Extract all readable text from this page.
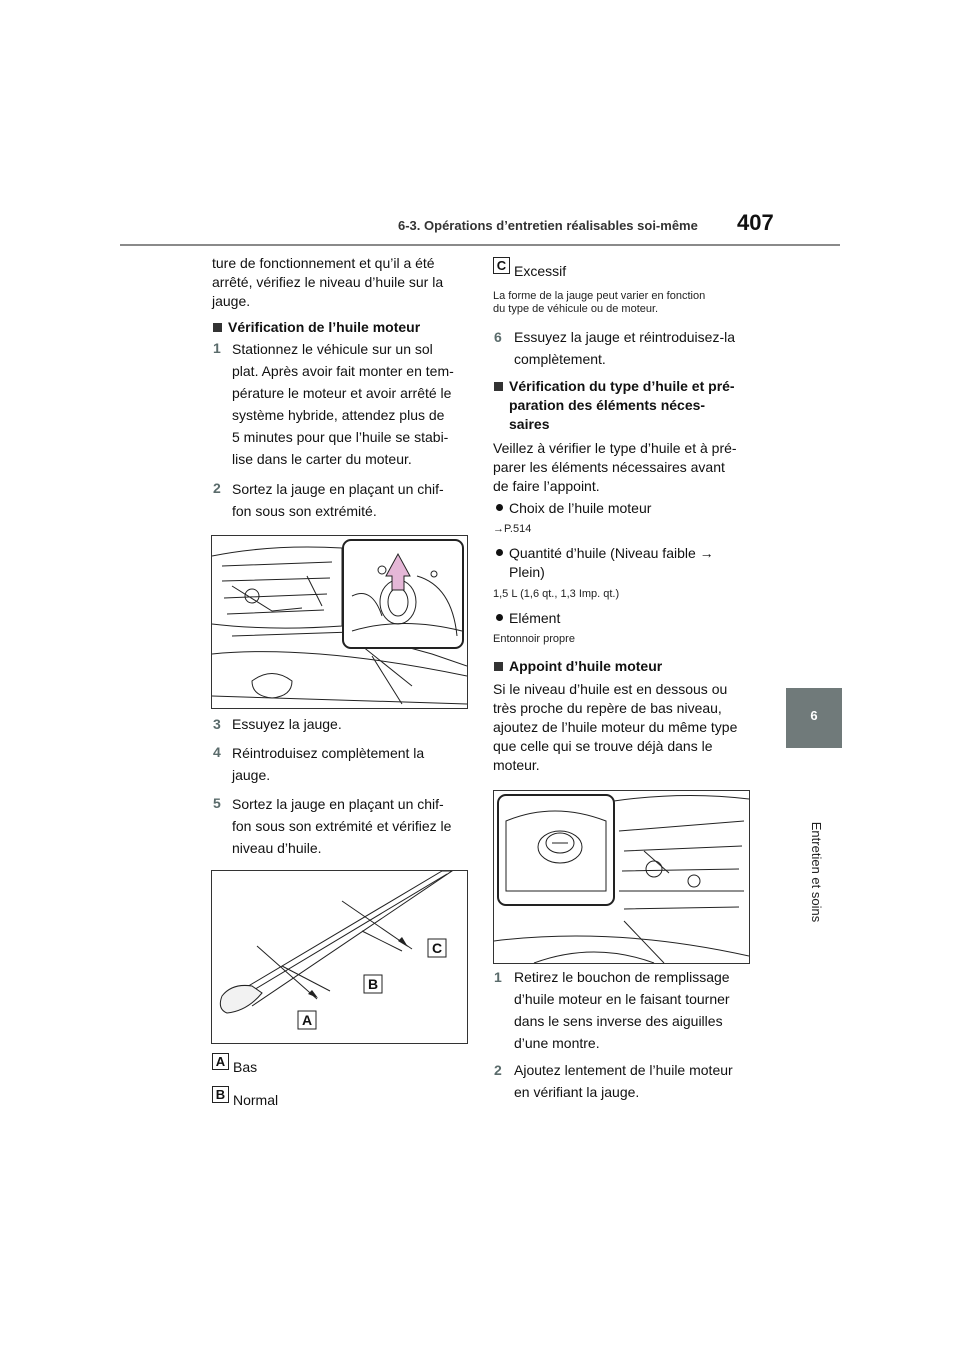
6-3. Opérations d’entretien réalisables soi-même 407
6
Entretien et soins
ture de fonctionnement et qu’il a été
arrêté, vérifiez le niveau d’huile sur la
jauge.
Vérification de l’huile moteur
1 Stationnez le véhicule sur un sol
plat. Après avoir fait monter en tem-
pérature le moteur et avoir arrêté le
système hybride, attendez plus de
5 minutes pour que l’huile se stabi-
lise dans le carter du moteur.
2 Sortez la jauge en plaçant un chif-
fon sous son extrémité.
3 Essuyez la jauge.
4 Réintroduisez complètement la
jauge.
5 Sortez la jauge en plaçant un chif-
fon sous son extrémité et vérifiez le
niveau d’huile.
C
B
A
A Bas
B Normal
C Excessif
La forme de la jauge peut varier en fonction
du type de véhicule ou de moteur.
6 Essuyez la jauge et réintroduisez-la
complètement.
Vérification du type d’huile et pré-
paration des éléments néces-
saires
Veillez à vérifier le type d’huile et à pré-
parer les éléments nécessaires avant
de faire l’appoint.
Choix de l’huile moteur
→P.514
Quantité d’huile (Niveau faible →
Plein)
1,5 L (1,6 qt., 1,3 Imp. qt.)
Elément
Entonnoir propre
Appoint d’huile moteur
Si le niveau d’huile est en dessous ou
très proche du repère de bas niveau,
ajoutez de l’huile moteur du même type
que celle qui se trouve déjà dans le
moteur.
1 Retirez le bouchon de remplissage
d’huile moteur en le faisant tourner
dans le sens inverse des aiguilles
d’une montre.
2 Ajoutez lentement de l’huile moteur
en vérifiant la jauge.
